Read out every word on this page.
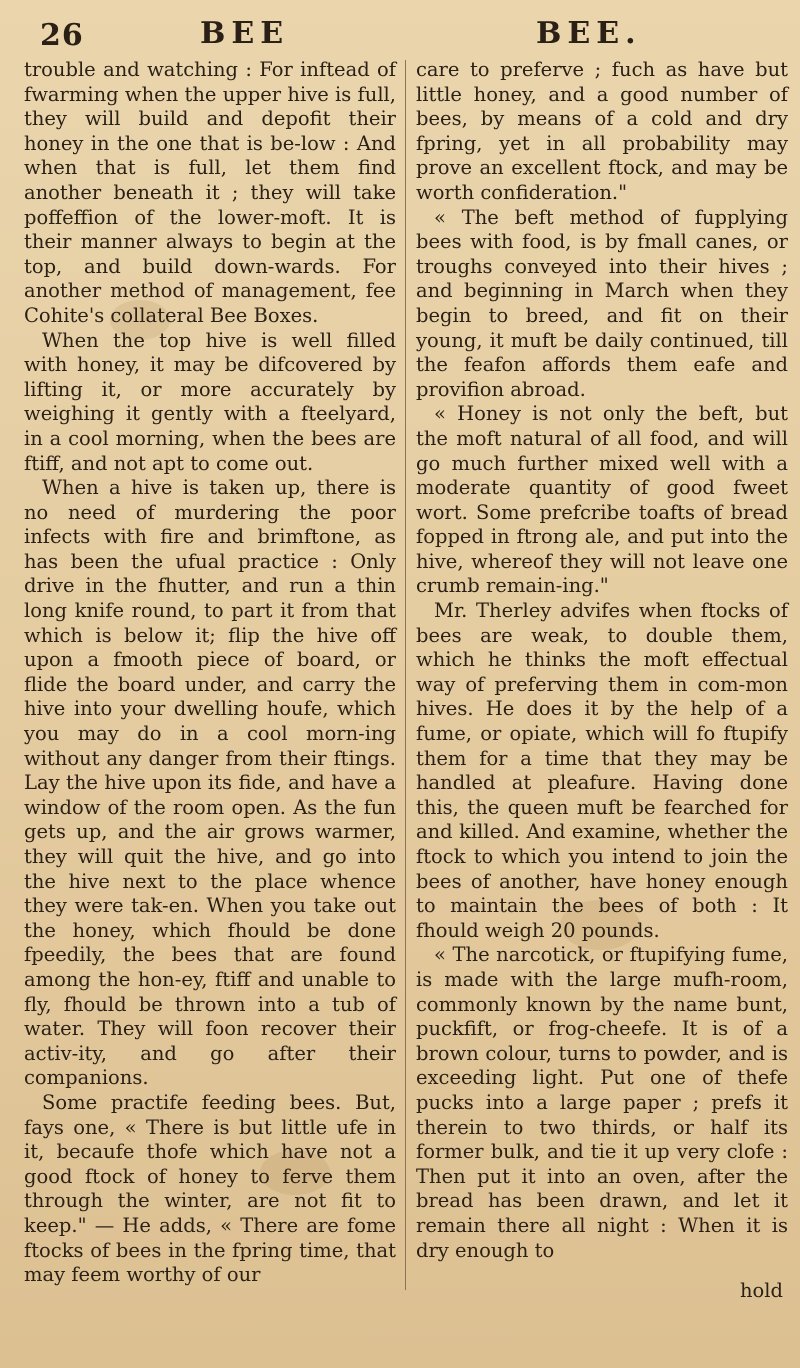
26	BEE	BEE.

trouble and watching : For inftead of fwarming when the upper hive is full, they will build and depofit their honey in the one that is be-low : And when that is full, let them find another beneath it ; they will take poffeffion of the lower-moft. It is their manner always to begin at the top, and build down-wards. For another method of management, fee Cohite's collateral Bee Boxes.

When the top hive is well filled with honey, it may be difcovered by lifting it, or more accurately by weighing it gently with a fteelyard, in a cool morning, when the bees are ftiff, and not apt to come out.

When a hive is taken up, there is no need of murdering the poor infects with fire and brimftone, as has been the ufual practice : Only drive in the fhutter, and run a thin long knife round, to part it from that which is below it; flip the hive off upon a fmooth piece of board, or flide the board under, and carry the hive into your dwelling houfe, which you may do in a cool morn-ing without any danger from their ftings. Lay the hive upon its fide, and have a window of the room open. As the fun gets up, and the air grows warmer, they will quit the hive, and go into the hive next to the place whence they were tak-en. When you take out the honey, which fhould be done fpeedily, the bees that are found among the hon-ey, ftiff and unable to fly, fhould be thrown into a tub of water. They will foon recover their activ-ity, and go after their companions.

Some practife feeding bees. But, fays one, « There is but little ufe in it, becaufe thofe which have not a good ftock of honey to ferve them through the winter, are not fit to keep." — He adds, « There are fome ftocks of bees in the fpring time, that may feem worthy of our

care to preferve ; fuch as have but little honey, and a good number of bees, by means of a cold and dry fpring, yet in all probability may prove an excellent ftock, and may be worth confideration."

« The beft method of fupplying bees with food, is by fmall canes, or troughs conveyed into their hives ; and beginning in March when they begin to breed, and fit on their young, it muft be daily continued, till the feafon affords them eafe and provifion abroad.

« Honey is not only the beft, but the moft natural of all food, and will go much further mixed well with a moderate quantity of good fweet wort. Some prefcribe toafts of bread fopped in ftrong ale, and put into the hive, whereof they will not leave one crumb remain-ing."

Mr. Therley advifes when ftocks of bees are weak, to double them, which he thinks the moft effectual way of preferving them in com-mon hives. He does it by the help of a fume, or opiate, which will fo ftupify them for a time that they may be handled at pleafure. Having done this, the queen muft be fearched for and killed. And examine, whether the ftock to which you intend to join the bees of another, have honey enough to maintain the bees of both : It fhould weigh 20 pounds.

« The narcotick, or ftupifying fume, is made with the large mufh-room, commonly known by the name bunt, puckfift, or frog-cheefe. It is of a brown colour, turns to powder, and is exceeding light. Put one of thefe pucks into a large paper ; prefs it therein to two thirds, or half its former bulk, and tie it up very clofe : Then put it into an oven, after the bread has been drawn, and let it remain there all night : When it is dry enough to

hold
